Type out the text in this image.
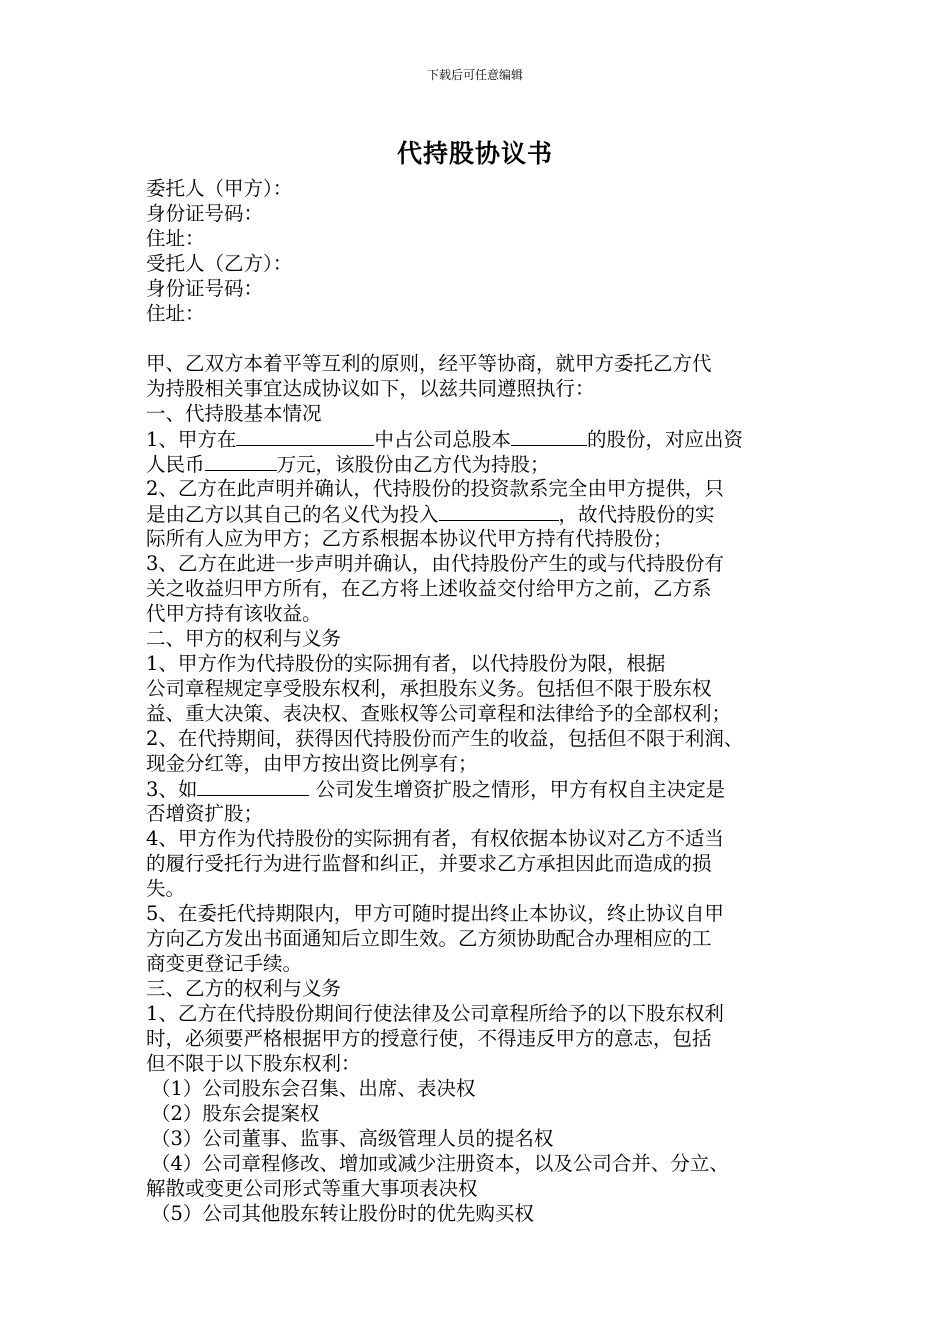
下载后可任意编辑
代持股协议书
委托人（甲方）：
身份证号码：
住址：
受托人（乙方）：
身份证号码：
住址：
甲、乙双方本着平等互利的原则，经平等协商，就甲方委托乙方代
为持股相关事宜达成协议如下，以兹共同遵照执行：
一、代持股基本情况
1、甲方在	中占公司总股本	的股份，对应出资
人民币	万元，该股份由乙方代为持股；
2、乙方在此声明并确认，代持股份的投资款系完全由甲方提供，只
是由乙方以其自己的名义代为投入	，故代持股份的实
际所有人应为甲方；乙方系根据本协议代甲方持有代持股份；
3、乙方在此进一步声明并确认，由代持股份产生的或与代持股份有
关之收益归甲方所有，在乙方将上述收益交付给甲方之前，乙方系
代甲方持有该收益。
二、甲方的权利与义务
1、甲方作为代持股份的实际拥有者，以代持股份为限，根据
公司章程规定享受股东权利，承担股东义务。包括但不限于股东权
益、重大决策、表决权、查账权等公司章程和法律给予的全部权利；
2、在代持期间，获得因代持股份而产生的收益，包括但不限于利润、
现金分红等，由甲方按出资比例享有；
3、如	公司发生增资扩股之情形，甲方有权自主决定是
否增资扩股；
4、甲方作为代持股份的实际拥有者，有权依据本协议对乙方不适当
的履行受托行为进行监督和纠正，并要求乙方承担因此而造成的损
失。
5、在委托代持期限内，甲方可随时提出终止本协议，终止协议自甲
方向乙方发出书面通知后立即生效。乙方须协助配合办理相应的工
商变更登记手续。
三、乙方的权利与义务
1、乙方在代持股份期间行使法律及公司章程所给予的以下股东权利
时，必须要严格根据甲方的授意行使，不得违反甲方的意志，包括
但不限于以下股东权利：
（1）公司股东会召集、出席、表决权
（2）股东会提案权
（3）公司董事、监事、高级管理人员的提名权
（4）公司章程修改、增加或减少注册资本，以及公司合并、分立、
解散或变更公司形式等重大事项表决权
（5）公司其他股东转让股份时的优先购买权
